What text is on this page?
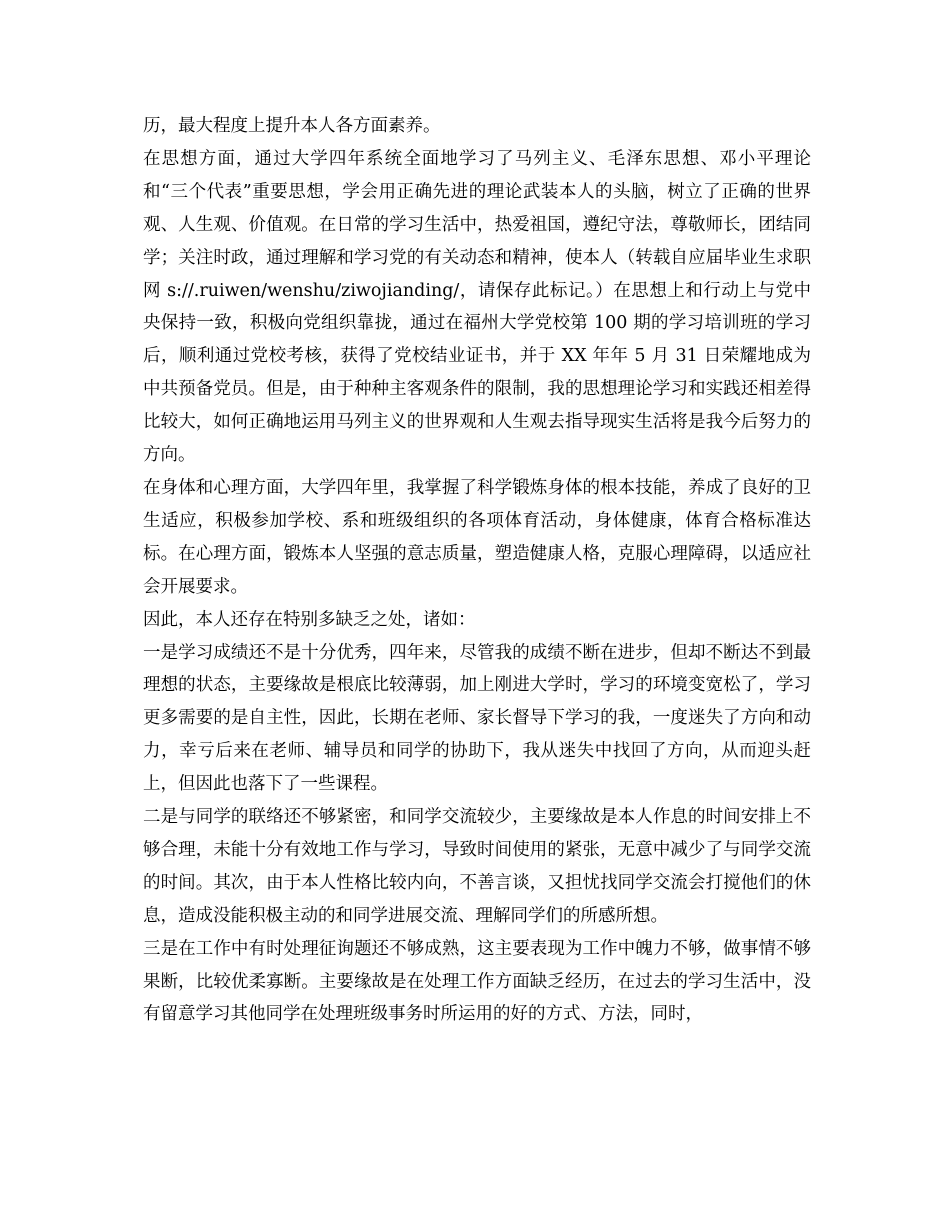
历，最大程度上提升本人各方面素养。

在思想方面，通过大学四年系统全面地学习了马列主义、毛泽东思想、邓小平理论和“三个代表”重要思想，学会用正确先进的理论武装本人的头脑，树立了正确的世界观、人生观、价值观。在日常的学习生活中，热爱祖国，遵纪守法，尊敬师长，团结同学；关注时政，通过理解和学习党的有关动态和精神，使本人（转载自应届毕业生求职网 s://.ruiwen/wenshu/ziwojianding/，请保存此标记。）在思想上和行动上与党中央保持一致，积极向党组织靠拢，通过在福州大学党校第 100 期的学习培训班的学习后，顺利通过党校考核，获得了党校结业证书，并于 XX 年年 5 月 31 日荣耀地成为中共预备党员。但是，由于种种主客观条件的限制，我的思想理论学习和实践还相差得比较大，如何正确地运用马列主义的世界观和人生观去指导现实生活将是我今后努力的方向。

在身体和心理方面，大学四年里，我掌握了科学锻炼身体的根本技能，养成了良好的卫生适应，积极参加学校、系和班级组织的各项体育活动，身体健康，体育合格标准达标。在心理方面，锻炼本人坚强的意志质量，塑造健康人格，克服心理障碍，以适应社会开展要求。

因此，本人还存在特别多缺乏之处，诸如：

一是学习成绩还不是十分优秀，四年来，尽管我的成绩不断在进步，但却不断达不到最理想的状态，主要缘故是根底比较薄弱，加上刚进大学时，学习的环境变宽松了，学习更多需要的是自主性，因此，长期在老师、家长督导下学习的我，一度迷失了方向和动力，幸亏后来在老师、辅导员和同学的协助下，我从迷失中找回了方向，从而迎头赶上，但因此也落下了一些课程。

二是与同学的联络还不够紧密，和同学交流较少，主要缘故是本人作息的时间安排上不够合理，未能十分有效地工作与学习，导致时间使用的紧张，无意中减少了与同学交流的时间。其次，由于本人性格比较内向，不善言谈，又担忧找同学交流会打搅他们的休息，造成没能积极主动的和同学进展交流、理解同学们的所感所想。

三是在工作中有时处理征询题还不够成熟，这主要表现为工作中魄力不够，做事情不够果断，比较优柔寡断。主要缘故是在处理工作方面缺乏经历，在过去的学习生活中，没有留意学习其他同学在处理班级事务时所运用的好的方式、方法，同时，
